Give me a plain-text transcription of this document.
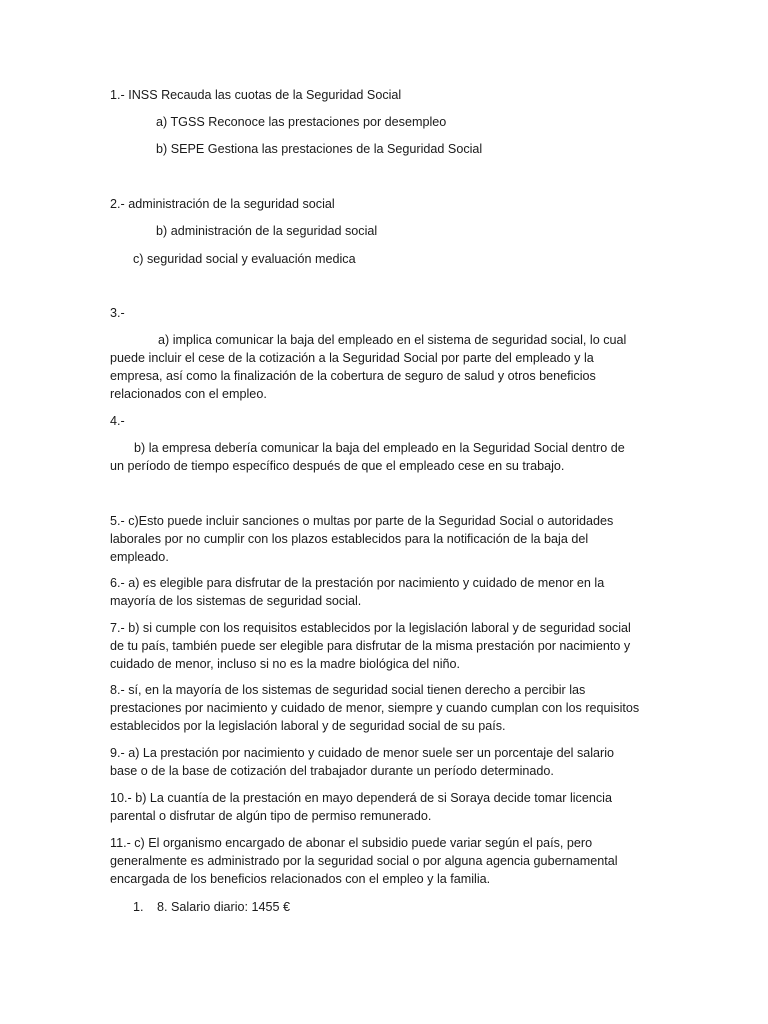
1.- INSS Recauda las cuotas de la Seguridad Social
a) TGSS Reconoce las prestaciones por desempleo
b) SEPE Gestiona las prestaciones de la Seguridad Social
2.- administración de la seguridad social
b) administración de la seguridad social
c) seguridad social y evaluación medica
3.-
a) implica comunicar la baja del empleado en el sistema de seguridad social, lo cual puede incluir el cese de la cotización a la Seguridad Social por parte del empleado y la empresa, así como la finalización de la cobertura de seguro de salud y otros beneficios relacionados con el empleo.
4.-
b) la empresa debería comunicar la baja del empleado en la Seguridad Social dentro de un período de tiempo específico después de que el empleado cese en su trabajo.
5.- c)Esto puede incluir sanciones o multas por parte de la Seguridad Social o autoridades laborales por no cumplir con los plazos establecidos para la notificación de la baja del empleado.
6.- a) es elegible para disfrutar de la prestación por nacimiento y cuidado de menor en la mayoría de los sistemas de seguridad social.
7.- b) si cumple con los requisitos establecidos por la legislación laboral y de seguridad social de tu país, también puede ser elegible para disfrutar de la misma prestación por nacimiento y cuidado de menor, incluso si no es la madre biológica del niño.
8.- sí, en la mayoría de los sistemas de seguridad social tienen derecho a percibir las prestaciones por nacimiento y cuidado de menor, siempre y cuando cumplan con los requisitos establecidos por la legislación laboral y de seguridad social de su país.
9.- a) La prestación por nacimiento y cuidado de menor suele ser un porcentaje del salario base o de la base de cotización del trabajador durante un período determinado.
10.- b) La cuantía de la prestación en mayo dependerá de si Soraya decide tomar licencia parental o disfrutar de algún tipo de permiso remunerado.
11.- c) El organismo encargado de abonar el subsidio puede variar según el país, pero generalmente es administrado por la seguridad social o por alguna agencia gubernamental encargada de los beneficios relacionados con el empleo y la familia.
1. 8. Salario diario: 1455 €
